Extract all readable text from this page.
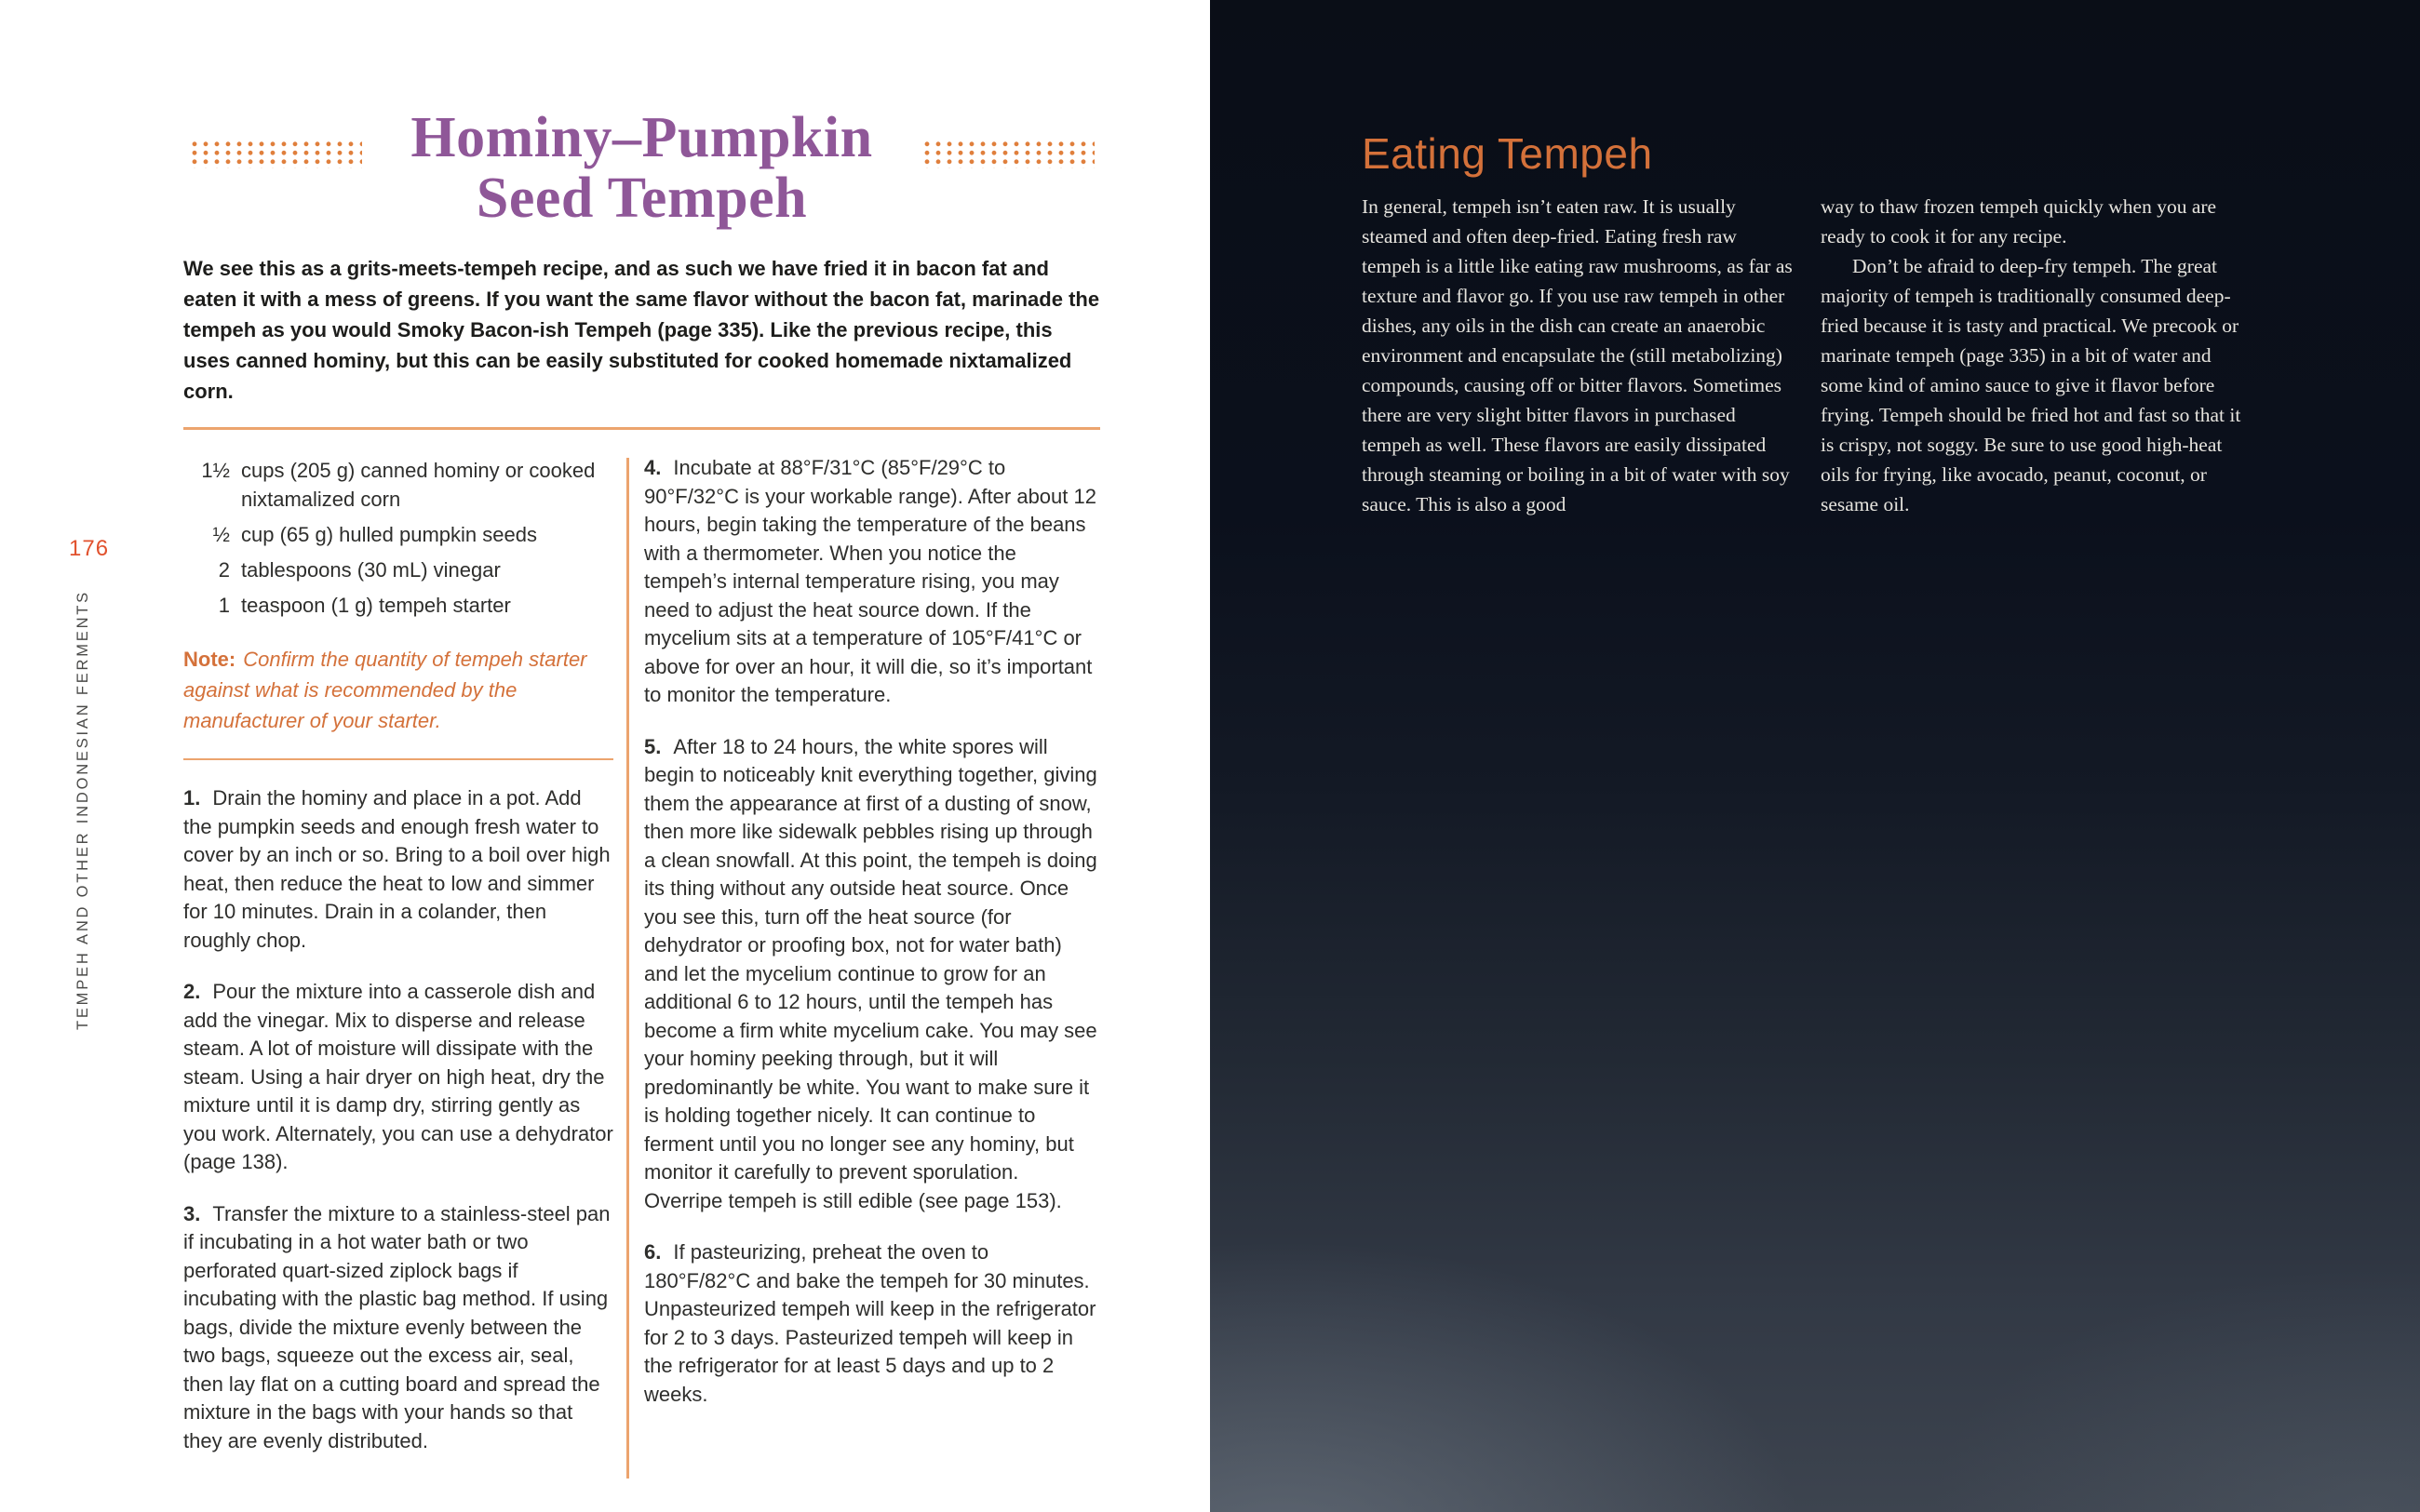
176
TEMPEH AND OTHER INDONESIAN FERMENTS
Hominy–Pumpkin
Seed Tempeh

We see this as a grits-meets-tempeh recipe, and as such we have fried it in bacon fat and eaten it with a mess of greens. If you want the same flavor without the bacon fat, marinade the tempeh as you would Smoky Bacon-ish Tempeh (page 335). Like the previous recipe, this uses canned hominy, but this can be easily substituted for cooked homemade nixtamalized corn.

1½ cups (205 g) canned hominy or cooked nixtamalized corn
½ cup (65 g) hulled pumpkin seeds
2 tablespoons (30 mL) vinegar
1 teaspoon (1 g) tempeh starter

Note: Confirm the quantity of tempeh starter against what is recommended by the manufacturer of your starter.

1. Drain the hominy and place in a pot. Add the pumpkin seeds and enough fresh water to cover by an inch or so. Bring to a boil over high heat, then reduce the heat to low and simmer for 10 minutes. Drain in a colander, then roughly chop.

2. Pour the mixture into a casserole dish and add the vinegar. Mix to disperse and release steam. A lot of moisture will dissipate with the steam. Using a hair dryer on high heat, dry the mixture until it is damp dry, stirring gently as you work. Alternately, you can use a dehydrator (page 138).

3. Transfer the mixture to a stainless-steel pan if incubating in a hot water bath or two perforated quart-sized ziplock bags if incubating with the plastic bag method. If using bags, divide the mixture evenly between the two bags, squeeze out the excess air, seal, then lay flat on a cutting board and spread the mixture in the bags with your hands so that they are evenly distributed.

4. Incubate at 88°F/31°C (85°F/29°C to 90°F/32°C is your workable range). After about 12 hours, begin taking the temperature of the beans with a thermometer. When you notice the tempeh’s internal temperature rising, you may need to adjust the heat source down. If the mycelium sits at a temperature of 105°F/41°C or above for over an hour, it will die, so it’s important to monitor the temperature.

5. After 18 to 24 hours, the white spores will begin to noticeably knit everything together, giving them the appearance at first of a dusting of snow, then more like sidewalk pebbles rising up through a clean snowfall. At this point, the tempeh is doing its thing without any outside heat source. Once you see this, turn off the heat source (for dehydrator or proofing box, not for water bath) and let the mycelium continue to grow for an additional 6 to 12 hours, until the tempeh has become a firm white mycelium cake. You may see your hominy peeking through, but it will predominantly be white. You want to make sure it is holding together nicely. It can continue to ferment until you no longer see any hominy, but monitor it carefully to prevent sporulation. Overripe tempeh is still edible (see page 153).

6. If pasteurizing, preheat the oven to 180°F/82°C and bake the tempeh for 30 minutes. Unpasteurized tempeh will keep in the refrigerator for 2 to 3 days. Pasteurized tempeh will keep in the refrigerator for at least 5 days and up to 2 weeks.

Eating Tempeh

In general, tempeh isn’t eaten raw. It is usually steamed and often deep-fried. Eating fresh raw tempeh is a little like eating raw mushrooms, as far as texture and flavor go. If you use raw tempeh in other dishes, any oils in the dish can create an anaerobic environment and encapsulate the (still metabolizing) compounds, causing off or bitter flavors. Sometimes there are very slight bitter flavors in purchased tempeh as well. These flavors are easily dissipated through steaming or boiling in a bit of water with soy sauce. This is also a good

way to thaw frozen tempeh quickly when you are ready to cook it for any recipe.

Don’t be afraid to deep-fry tempeh. The great majority of tempeh is traditionally consumed deep-fried because it is tasty and practical. We precook or marinate tempeh (page 335) in a bit of water and some kind of amino sauce to give it flavor before frying. Tempeh should be fried hot and fast so that it is crispy, not soggy. Be sure to use good high-heat oils for frying, like avocado, peanut, coconut, or sesame oil.
